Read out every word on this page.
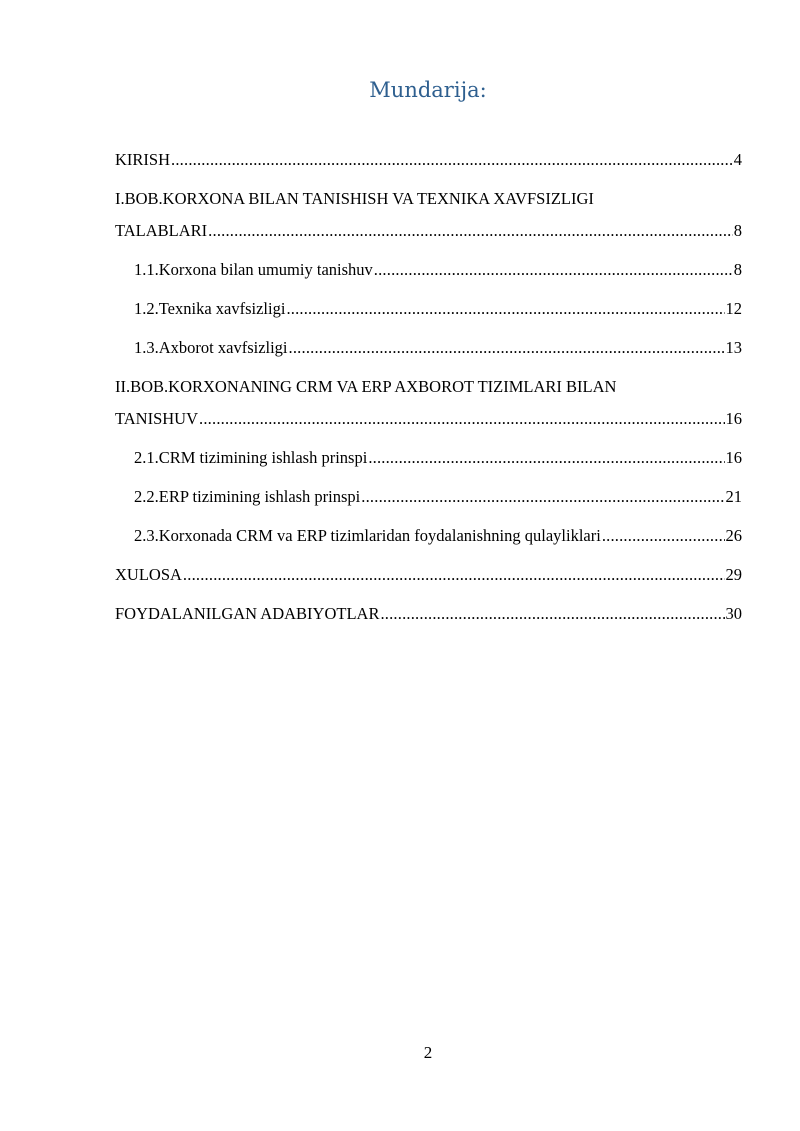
Mundarija:
KIRISH .....	4
I.BOB.KORXONA BILAN TANISHISH VA TEXNIKA XAVFSIZLIGI
TALABLARI .....	8
1.1.Korxona bilan umumiy tanishuv .....	8
1.2.Texnika xavfsizligi .....	12
1.3.Axborot xavfsizligi .....	13
II.BOB.KORXONANING CRM VA ERP AXBOROT TIZIMLARI BILAN
TANISHUV .....	16
2.1.CRM tizimining ishlash prinspi .....	16
2.2.ERP tizimining ishlash prinspi .....	21
2.3.Korxonada CRM va ERP tizimlaridan foydalanishning qulayliklari .....	26
XULOSA .....	29
FOYDALANILGAN ADABIYOTLAR .....	30
2
